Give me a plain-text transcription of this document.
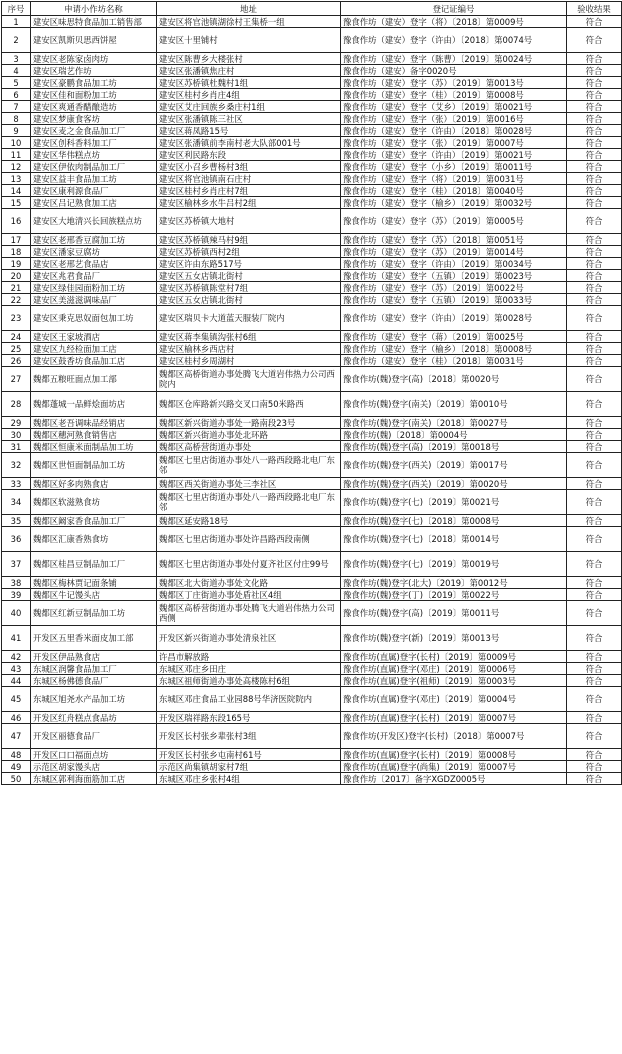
序号	申请小作坊名称	地址	登记证编号	验收结果
1	建安区味思特食品加工销售部	建安区将官池镇湖徐村王集桥一组	豫食作坊（建安）登字（将）〔2018〕第0009号	符合
2	建安区凯斯贝思西饼屋	建安区十里铺村	豫食作坊（建安）登字（许由）〔2018〕第0074号	符合
3	建安区老陈家卤肉坊	建安区陈曹乡大楼张村	豫食作坊（建安）登字（陈曹）〔2019〕第0024号	符合
4	建安区瑞艺作坊	建安区张潘镇焦庄村	豫食作坊（建安）备字0020号	符合
5	建安区豪鹏食品加工坊	建安区苏桥镇杜魏村1组	豫食作坊（建安）登字（苏）〔2019〕第0013号	符合
6	建安区佳和面粉加工坊	建安区桂村乡肖庄4组	豫食作坊（建安）登字（桂）〔2019〕第0008号	符合
7	建安区爽通香醋酿造坊	建安区艾庄回族乡桑庄村1组	豫食作坊（建安）登字（艾乡）〔2019〕第0021号	符合
8	建安区梦康食客坊	建安区张潘镇陈三社区	豫食作坊（建安）登字（张）〔2019〕第0016号	符合
9	建安区麦之金食品加工厂	建安区蒋凤路15号	豫食作坊（建安）登字（许由）〔2018〕第0028号	符合
10	建安区创科香料加工厂	建安区张潘镇前李南村老大队部001号	豫食作坊（建安）登字（张）〔2019〕第0007号	符合
11	建安区华伟糕点坊	建安区利民路东段	豫食作坊（建安）登字（许由）〔2019〕第0021号	符合
12	建安区伊依肉制品加工厂	建安区小召乡曹杨村3组	豫食作坊（建安）登字（小乡）〔2019〕第0011号	符合
13	建安区益丰食品加工坊	建安区将官池镇南石庄村	豫食作坊（建安）登字（将）〔2019〕第0031号	符合
14	建安区康利源食品厂	建安区桂村乡肖庄村7组	豫食作坊（建安）登字（桂）〔2018〕第0040号	符合
15	建安区吕记熟食加工店	建安区榆林乡水牛吕村2组	豫食作坊（建安）登字（榆乡）〔2019〕第0032号	符合
16	建安区大地清兴长回族糕点坊	建安区苏桥镇大地村	豫食作坊（建安）登字（苏）〔2019〕第0005号	符合
17	建安区老邢香豆腐加工坊	建安区苏桥镇辣马村9组	豫食作坊（建安）登字（苏）〔2018〕第0051号	符合
18	建安区潘家豆腐坊	建安区苏桥镇西村2组	豫食作坊（建安）登字（苏）〔2019〕第0014号	符合
19	建安区老邢艺食品店	建安区许由东路517号	豫食作坊（建安）登字（许由）〔2019〕第0034号	符合
20	建安区兆君食品厂	建安区五女店镇北街村	豫食作坊（建安）登字（五镇）〔2019〕第0023号	符合
21	建安区绿佳园面粉加工坊	建安区苏桥镇陈堂村7组	豫食作坊（建安）登字（苏）〔2019〕第0022号	符合
22	建安区美滋滋调味品厂	建安区五女店镇北街村	豫食作坊（建安）登字（五镇）〔2019〕第0033号	符合
23	建安区秉克思奴面包加工坊	建安区瑞贝卡大道蓝天服装厂院内	豫食作坊（建安）登字（许由）〔2019〕第0028号	符合
24	建安区王家坡酒店	建安区蒋李集镇沟张村6组	豫食作坊（建安）登字（蒋）〔2019〕第0025号	符合
25	建安区九经检面加工店	建安区榆林乡西店村	豫食作坊（建安）登字（榆乡）〔2018〕第0008号	符合
26	建安区鼓香坊食品加工店	建安区桂村乡周湖村	豫食作坊（建安）登字（桂）〔2018〕第0031号	符合
27	魏都五粮旺面点加工部	魏都区高桥街道办事处腾飞大道岩伟热力公司西院内	豫食作坊(魏)登字(高)〔2018〕第0020号	符合
28	魏都蓬城一品鲜烩面坊店	魏都区仓库路新兴路交叉口南50米路西	豫食作坊(魏)登字(南关)〔2019〕第0010号	符合
29	魏都区老吾调味品经销店	魏都区新兴街道办事处一路南段23号	豫食作坊(魏)登字(南关)〔2018〕第0027号	符合
30	魏都区穗河熟食销售店	魏都区新兴街道办事处北环路	豫食作坊(魏)〔2018〕第0004号	符合
31	魏都区恒康米面制品加工坊	魏都区高桥营街道办事处	豫食作坊(魏)登字(高)〔2019〕第0018号	符合
32	魏都区世恒面制品加工坊	魏都区七里店街道办事处八一路西段路北电厂东邻	豫食作坊(魏)登字(西关)〔2019〕第0017号	符合
33	魏都区好多肉熟食店	魏都区西关街道办事处三李社区	豫食作坊(魏)登字(西关)〔2019〕第0020号	符合
34	魏都区软滋熟食坊	魏都区七里店街道办事处八一路西段路北电厂东邻	豫食作坊(魏)登字(七)〔2019〕第0021号	符合
35	魏都区阚家香食品加工厂	魏都区延安路18号	豫食作坊(魏)登字(七)〔2018〕第0008号	符合
36	魏都区汇康香熟食坊	魏都区七里店街道办事处许昌路西段南侧	豫食作坊(魏)登字(七)〔2018〕第0014号	符合
37	魏都区桂昌豆制品加工厂	魏都区七里店街道办事处付夏齐社区付庄99号	豫食作坊(魏)登字(七)〔2019〕第0019号	符合
38	魏都区梅林贾记面条铺	魏都区北大街道办事处文化路	豫食作坊(魏)登字(北大)〔2019〕第0012号	符合
39	魏都区牛记馒头店	魏都区丁庄街道办事处盾社区4组	豫食作坊(魏)登字(丁)〔2019〕第0022号	符合
40	魏都区红新豆制品加工坊	魏都区高桥营街道办事处腾飞大道岩伟热力公司西侧	豫食作坊(魏)登字(高)〔2019〕第0011号	符合
41	开发区五里香米面皮加工部	开发区新兴街道办事处清泉社区	豫食作坊(魏)登字(新)〔2019〕第0013号	符合
42	开发区伊品熟食店	许昌市解放路	豫食作坊(直属)登字(长村)〔2019〕第0009号	符合
43	东城区润馨食品加工厂	东城区邓庄乡田庄	豫食作坊(直属)登字(邓庄)〔2019〕第0006号	符合
44	东城区杨佛德食品厂	东城区祖师街道办事处高楼陈村6组	豫食作坊(直属)登字(祖师)〔2019〕第0003号	符合
45	东城区旭尧水产品加工坊	东城区邓庄食品工业园88号华济医院院内	豫食作坊(直属)登字(邓庄)〔2019〕第0004号	符合
46	开发区红舟糕点食品坊	开发区瑞祥路东段165号	豫食作坊(直属)登字(长村)〔2019〕第0007号	符合
47	开发区丽德食品厂	开发区长村张乡辈张村3组	豫食作坊(开发区)登字(长村)〔2018〕第0007号	符合
48	开发区口口福面点坊	开发区长村张乡屯南村61号	豫食作坊(直属)登字(长村)〔2019〕第0008号	符合
49	示范区胡家馒头店	示范区尚集镇胡家村7组	豫食作坊(直属)登字(尚集)〔2019〕第0007号	符合
50	东城区郭利海面筋加工店	东城区邓庄乡张村4组	豫食作坊〔2017〕备字XGDZ0005号	符合
